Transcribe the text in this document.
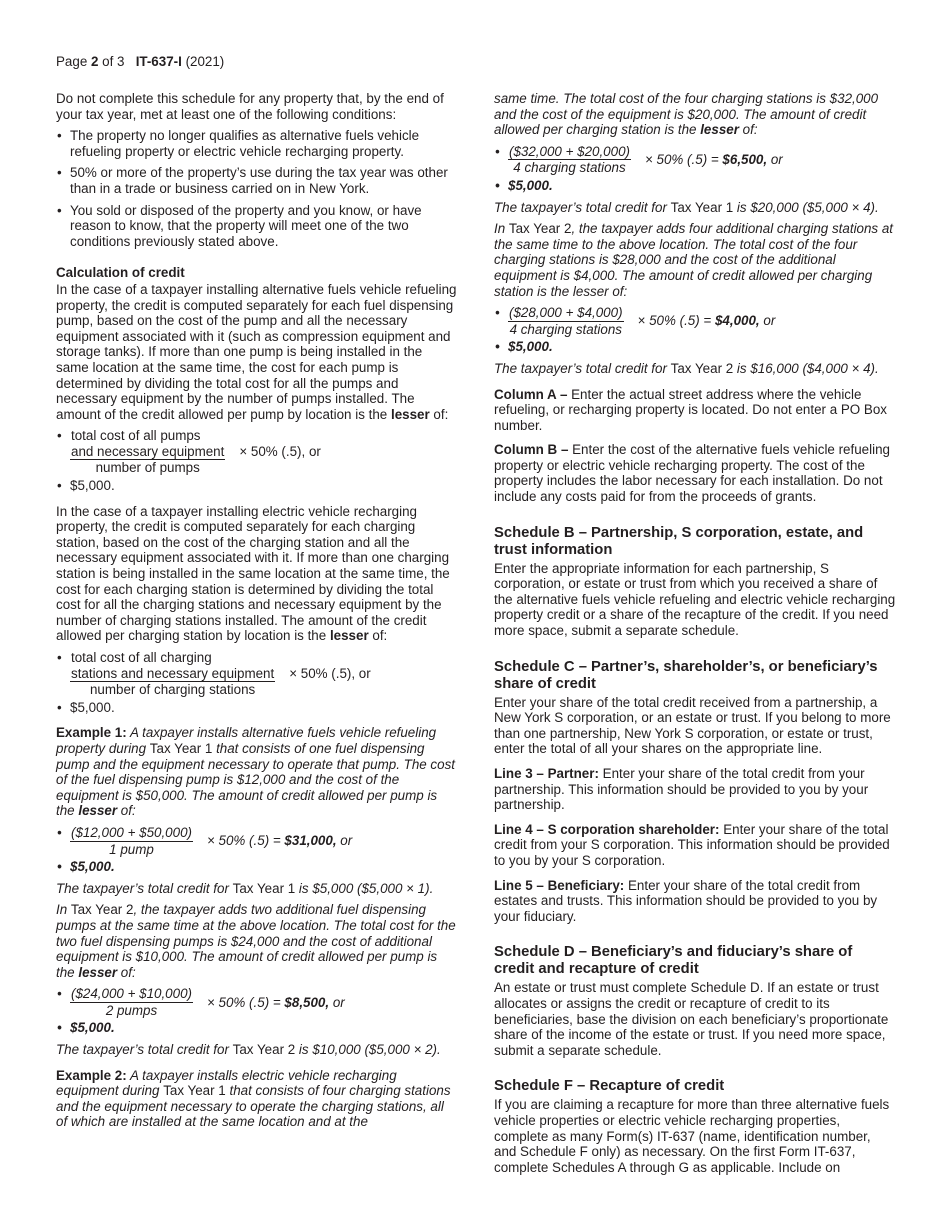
Page 2 of 3 IT-637-I (2021)

Do not complete this schedule for any property that, by the end of your tax year, met at least one of the following conditions:

• The property no longer qualifies as alternative fuels vehicle refueling property or electric vehicle recharging property.
• 50% or more of the property’s use during the tax year was other than in a trade or business carried on in New York.
• You sold or disposed of the property and you know, or have reason to know, that the property will meet one of the two conditions previously stated above.
Calculation of credit

In the case of a taxpayer installing alternative fuels vehicle refueling property, the credit is computed separately for each fuel dispensing pump, based on the cost of the pump and all the necessary equipment associated with it (such as compression equipment and storage tanks). If more than one pump is being installed in the same location at the same time, the cost for each pump is determined by dividing the total cost for all the pumps and necessary equipment by the number of pumps installed. The amount of the credit allowed per pump by location is the lesser of:

• total cost of all pumps
and necessary equipment
number of pumps
× 50% (.5), or
• $5,000.

In the case of a taxpayer installing electric vehicle recharging property, the credit is computed separately for each charging station, based on the cost of the charging station and all the necessary equipment associated with it. If more than one charging station is being installed in the same location at the same time, the cost for each charging station is determined by dividing the total cost for all the charging stations and necessary equipment by the number of charging stations installed. The amount of the credit allowed per charging station by location is the lesser of:

• total cost of all charging
stations and necessary equipment
number of charging stations
× 50% (.5), or
• $5,000.

Example 1: A taxpayer installs alternative fuels vehicle refueling property during Tax Year 1 that consists of one fuel dispensing pump and the equipment necessary to operate that pump. The cost of the fuel dispensing pump is $12,000 and the cost of the equipment is $50,000. The amount of credit allowed per pump is the lesser of:

• $\frac{(\$12,000 + \$50,000)}{\text{1 pump}} \times 50\%$ (.5) = $31,000, or
• $5,000.

The taxpayer’s total credit for Tax Year 1 is $5,000 ($5,000 × 1).

In Tax Year 2, the taxpayer adds two additional fuel dispensing pumps at the same time at the above location. The total cost for the two fuel dispensing pumps is $24,000 and the cost of additional equipment is $10,000. The amount of credit allowed per pump is the lesser of:

• $\frac{(\$24,000 + \$10,000)}{\text{2 pumps}} \times 50\%$ (.5) = $8,500, or
• $5,000.

The taxpayer’s total credit for Tax Year 2 is $10,000 ($5,000 × 2).

Example 2: A taxpayer installs electric vehicle recharging equipment during Tax Year 1 that consists of four charging stations and the equipment necessary to operate the charging stations, all of which are installed at the same location and at the

same time. The total cost of the four charging stations is $32,000 and the cost of the equipment is $20,000. The amount of credit allowed per charging station is the lesser of:

• $\frac{(\$32,000 + \$20,000)}{\text{4 charging stations}} \times 50\%$ (.5) = $6,500, or
• $5,000.

The taxpayer’s total credit for Tax Year 1 is $20,000 ($5,000 × 4).

In Tax Year 2, the taxpayer adds four additional charging stations at the same time to the above location. The total cost of the four charging stations is $28,000 and the cost of the additional equipment is $4,000. The amount of credit allowed per charging station is the lesser of:

• $\frac{(\$28,000 + \$4,000)}{\text{4 charging stations}} \times 50\%$ (.5) = $4,000, or
• $5,000.

The taxpayer’s total credit for Tax Year 2 is $16,000 ($4,000 × 4).

Column A – Enter the actual street address where the vehicle refueling, or recharging property is located. Do not enter a PO Box number.

Column B – Enter the cost of the alternative fuels vehicle refueling property or electric vehicle recharging property. The cost of the property includes the labor necessary for each installation. Do not include any costs paid for from the proceeds of grants.

Schedule B – Partnership, S corporation, estate, and trust information

Enter the appropriate information for each partnership, S corporation, or estate or trust from which you received a share of the alternative fuels vehicle refueling and electric vehicle recharging property credit or a share of the recapture of the credit. If you need more space, submit a separate schedule.

Schedule C – Partner’s, shareholder’s, or beneficiary’s share of credit

Enter your share of the total credit received from a partnership, a New York S corporation, or an estate or trust. If you belong to more than one partnership, New York S corporation, or estate or trust, enter the total of all your shares on the appropriate line.

Line 3 – Partner: Enter your share of the total credit from your partnership. This information should be provided to you by your partnership.

Line 4 – S corporation shareholder: Enter your share of the total credit from your S corporation. This information should be provided to you by your S corporation.

Line 5 – Beneficiary: Enter your share of the total credit from estates and trusts. This information should be provided to you by your fiduciary.

Schedule D – Beneficiary’s and fiduciary’s share of credit and recapture of credit

An estate or trust must complete Schedule D. If an estate or trust allocates or assigns the credit or recapture of credit to its beneficiaries, base the division on each beneficiary’s proportionate share of the income of the estate or trust. If you need more space, submit a separate schedule.

Schedule F – Recapture of credit

If you are claiming a recapture for more than three alternative fuels vehicle properties or electric vehicle recharging properties, complete as many Form(s) IT-637 (name, identification number, and Schedule F only) as necessary. On the first Form IT-637, complete Schedules A through G as applicable. Include on
